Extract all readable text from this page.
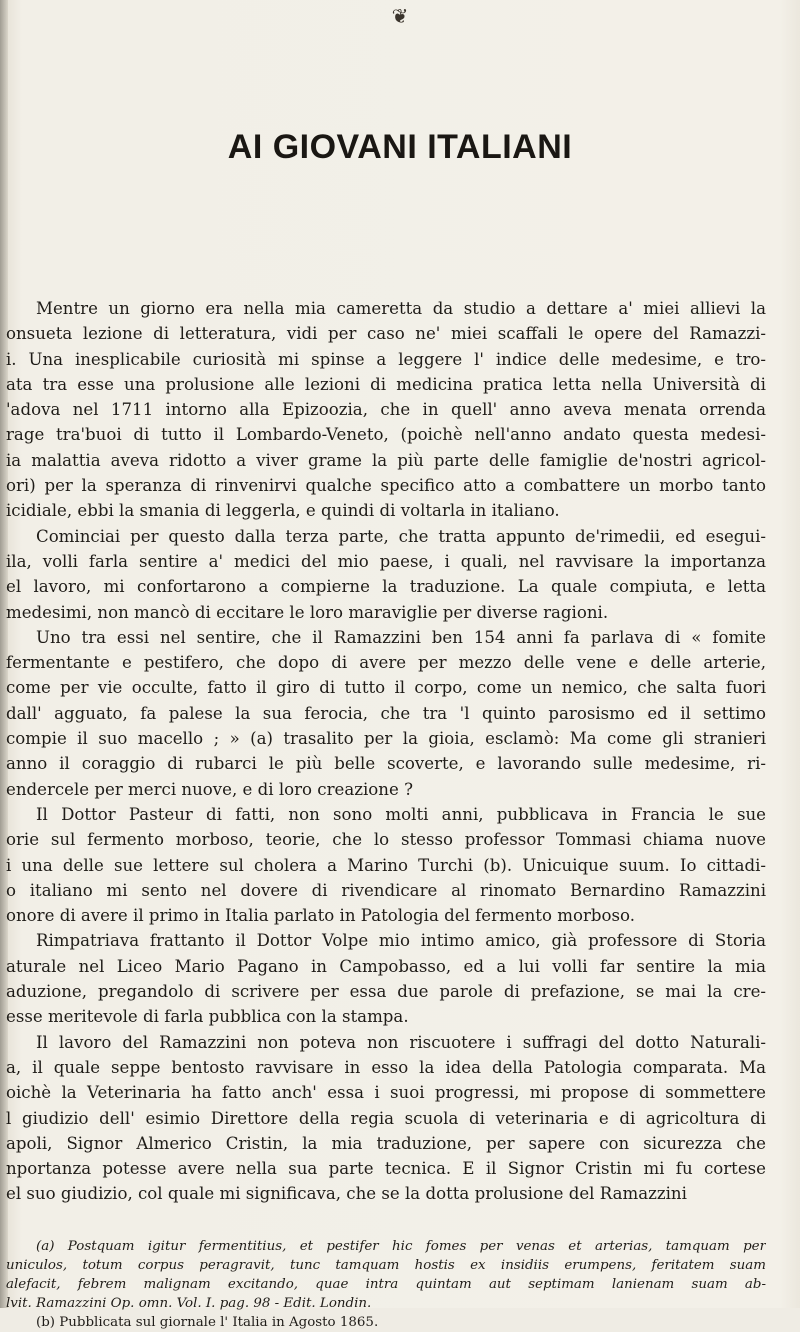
❦
AI GIOVANI ITALIANI
Mentre un giorno era nella mia cameretta da studio a dettare a' miei allievi la
onsueta lezione di letteratura, vidi per caso ne' miei scaffali le opere del Ramazzi-
i. Una inesplicabile curiosità mi spinse a leggere l' indice delle medesime, e tro-
ata tra esse una prolusione alle lezioni di medicina pratica letta nella Università di
'adova nel 1711 intorno alla Epizoozia, che in quell' anno aveva menata orrenda
rage tra'buoi di tutto il Lombardo-Veneto, (poichè nell'anno andato questa medesi-
ia malattia aveva ridotto a viver grame la più parte delle famiglie de'nostri agricol-
ori) per la speranza di rinvenirvi qualche specifico atto a combattere un morbo tanto
icidiale, ebbi la smania di leggerla, e quindi di voltarla in italiano.
Cominciai per questo dalla terza parte, che tratta appunto de'rimedii, ed esegui-
ila, volli farla sentire a' medici del mio paese, i quali, nel ravvisare la importanza
el lavoro, mi confortarono a compierne la traduzione. La quale compiuta, e letta
medesimi, non mancò di eccitare le loro maraviglie per diverse ragioni.
Uno tra essi nel sentire, che il Ramazzini ben 154 anni fa parlava di « fomite
fermentante e pestifero, che dopo di avere per mezzo delle vene e delle arterie,
come per vie occulte, fatto il giro di tutto il corpo, come un nemico, che salta fuori
dall' agguato, fa palese la sua ferocia, che tra 'l quinto parosismo ed il settimo
compie il suo macello ; » (a) trasalito per la gioia, esclamò: Ma come gli stranieri
anno il coraggio di rubarci le più belle scoverte, e lavorando sulle medesime, ri-
endercele per merci nuove, e di loro creazione ?
Il Dottor Pasteur di fatti, non sono molti anni, pubblicava in Francia le sue
orie sul fermento morboso, teorie, che lo stesso professor Tommasi chiama nuove
i una delle sue lettere sul cholera a Marino Turchi (b). Unicuique suum. Io cittadi-
o italiano mi sento nel dovere di rivendicare al rinomato Bernardino Ramazzini
onore di avere il primo in Italia parlato in Patologia del fermento morboso.
Rimpatriava frattanto il Dottor Volpe mio intimo amico, già professore di Storia
aturale nel Liceo Mario Pagano in Campobasso, ed a lui volli far sentire la mia
aduzione, pregandolo di scrivere per essa due parole di prefazione, se mai la cre-
esse meritevole di farla pubblica con la stampa.
Il lavoro del Ramazzini non poteva non riscuotere i suffragi del dotto Naturali-
a, il quale seppe bentosto ravvisare in esso la idea della Patologia comparata. Ma
oichè la Veterinaria ha fatto anch' essa i suoi progressi, mi propose di sommettere
l giudizio dell' esimio Direttore della regia scuola di veterinaria e di agricoltura di
apoli, Signor Almerico Cristin, la mia traduzione, per sapere con sicurezza che
nportanza potesse avere nella sua parte tecnica. E il Signor Cristin mi fu cortese
el suo giudizio, col quale mi significava, che se la dotta prolusione del Ramazzini
(a) Postquam igitur fermentitius, et pestifer hic fomes per venas et arterias, tamquam per
uniculos, totum corpus peragravit, tunc tamquam hostis ex insidiis erumpens, feritatem suam
alefacit, febrem malignam excitando, quae intra quintam aut septimam lanienam suam ab-
lvit. Ramazzini Op. omn. Vol. I. pag. 98 - Edit. Londin.
(b) Pubblicata sul giornale l' Italia in Agosto 1865.
